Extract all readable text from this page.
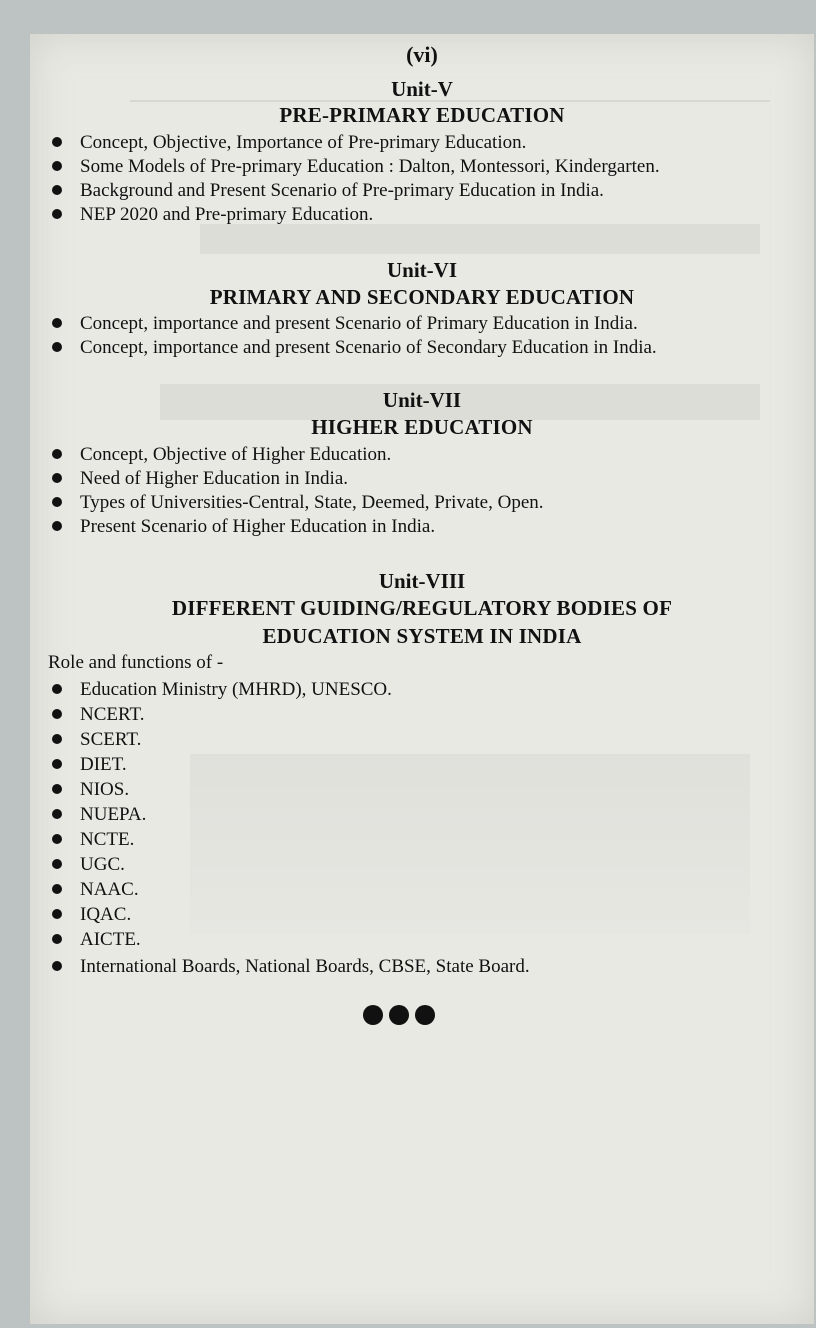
(vi)
Unit-V
PRE-PRIMARY EDUCATION
Concept, Objective, Importance of Pre-primary Education.
Some Models of Pre-primary Education : Dalton, Montessori, Kindergarten.
Background and Present Scenario of Pre-primary Education in India.
NEP 2020 and Pre-primary Education.
Unit-VI
PRIMARY AND SECONDARY EDUCATION
Concept, importance and present Scenario of Primary Education in India.
Concept, importance and present Scenario of Secondary Education in India.
Unit-VII
HIGHER EDUCATION
Concept, Objective of Higher Education.
Need of Higher Education in India.
Types of Universities-Central, State, Deemed, Private, Open.
Present Scenario of Higher Education in India.
Unit-VIII
DIFFERENT GUIDING/REGULATORY BODIES OF
EDUCATION SYSTEM IN INDIA
Role and functions of -
Education Ministry (MHRD), UNESCO.
NCERT.
SCERT.
DIET.
NIOS.
NUEPA.
NCTE.
UGC.
NAAC.
IQAC.
AICTE.
International Boards, National Boards, CBSE, State Board.
